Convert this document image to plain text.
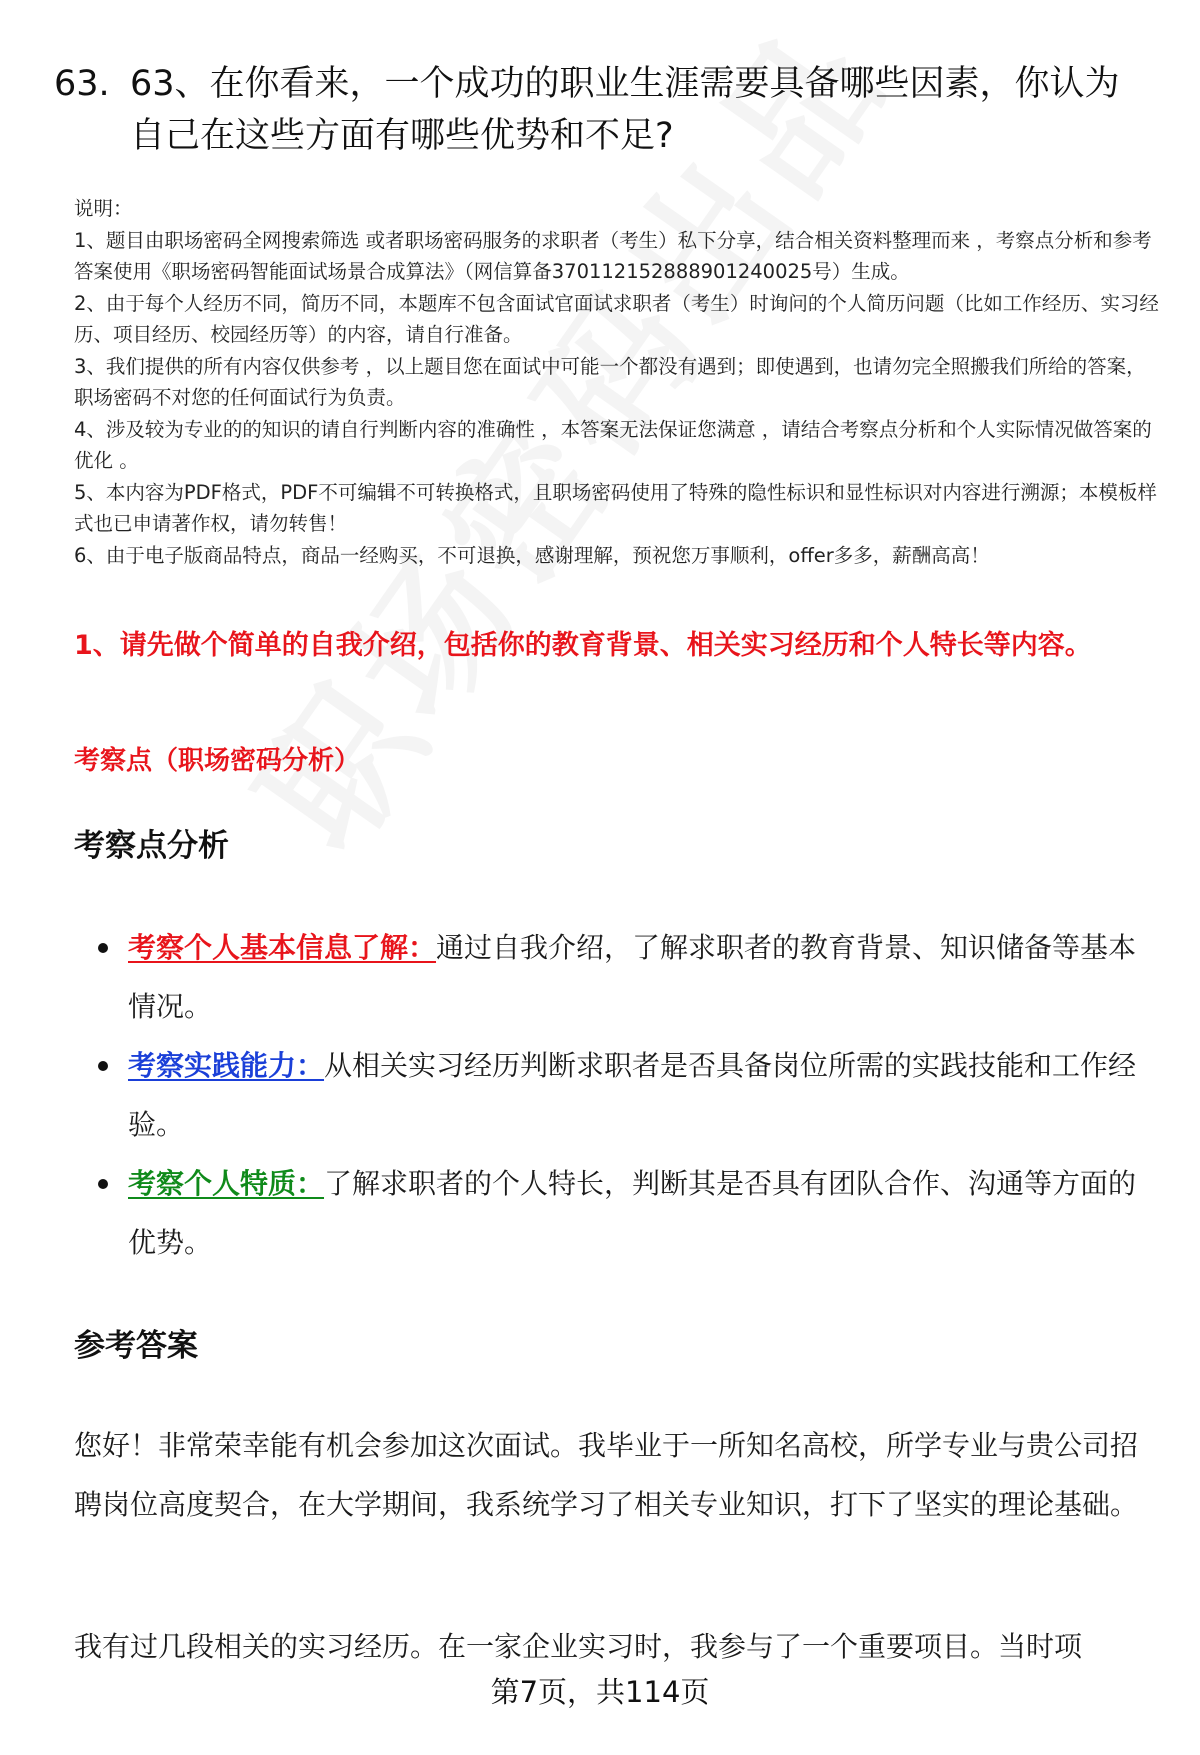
63. 63、在你看来，一个成功的职业生涯需要具备哪些因素，你认为自己在这些方面有哪些优势和不足?

说明：

1、题目由职场密码全网搜索筛选 或者职场密码服务的求职者（考生）私下分享，结合相关资料整理而来 ，考察点分析和参考答案使用《职场密码智能面试场景合成算法》（网信算备370112152888901240025号）生成。

2、由于每个人经历不同，简历不同，本题库不包含面试官面试求职者（考生）时询问的个人简历问题（比如工作经历、实习经历、项目经历、校园经历等）的内容，请自行准备。

3、我们提供的所有内容仅供参考 ，以上题目您在面试中可能一个都没有遇到；即使遇到，也请勿完全照搬我们所给的答案，职场密码不对您的任何面试行为负责。

4、涉及较为专业的的知识的请自行判断内容的准确性 ，本答案无法保证您满意 ，请结合考察点分析和个人实际情况做答案的优化 。

5、本内容为PDF格式，PDF不可编辑不可转换格式，且职场密码使用了特殊的隐性标识和显性标识对内容进行溯源；本模板样式也已申请著作权，请勿转售！

6、由于电子版商品特点，商品一经购买，不可退换，感谢理解，预祝您万事顺利，offer多多，薪酬高高！

1、请先做个简单的自我介绍，包括你的教育背景、相关实习经历和个人特长等内容。
考察点（职场密码分析）
考察点分析
考察个人基本信息了解：通过自我介绍，了解求职者的教育背景、知识储备等基本情况。
考察实践能力：从相关实习经历判断求职者是否具备岗位所需的实践技能和工作经验。
考察个人特质：了解求职者的个人特长，判断其是否具有团队合作、沟通等方面的优势。
参考答案

您好！非常荣幸能有机会参加这次面试。我毕业于一所知名高校，所学专业与贵公司招聘岗位高度契合，在大学期间，我系统学习了相关专业知识，打下了坚实的理论基础。

我有过几段相关的实习经历。在一家企业实习时，我参与了一个重要项目。当时项

第7页，共114页
